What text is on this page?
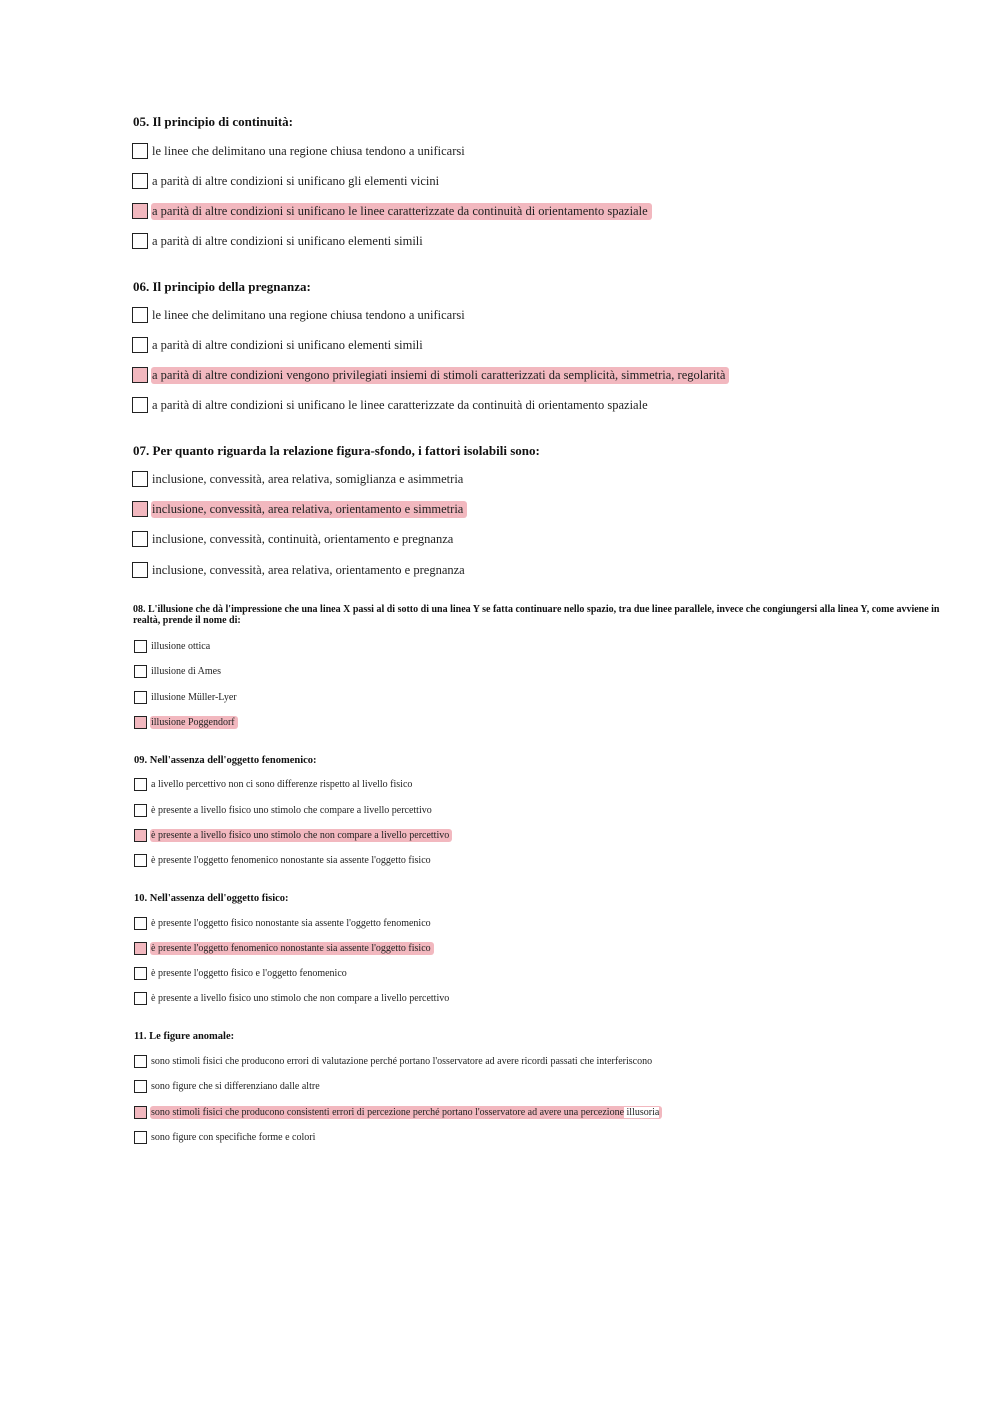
05. Il principio di continuità:
le linee che delimitano una regione chiusa tendono a unificarsi
a parità di altre condizioni si unificano gli elementi vicini
a parità di altre condizioni si unificano le linee caratterizzate da continuità di orientamento spaziale
a parità di altre condizioni si unificano elementi simili
06. Il principio della pregnanza:
le linee che delimitano una regione chiusa tendono a unificarsi
a parità di altre condizioni si unificano elementi simili
a parità di altre condizioni vengono privilegiati insiemi di stimoli caratterizzati da semplicità, simmetria, regolarità
a parità di altre condizioni si unificano le linee caratterizzate da continuità di orientamento spaziale
07. Per quanto riguarda la relazione figura-sfondo, i fattori isolabili sono:
inclusione, convessità, area relativa, somiglianza e asimmetria
inclusione, convessità, area relativa, orientamento e simmetria
inclusione, convessità, continuità, orientamento e pregnanza
inclusione, convessità, area relativa, orientamento e pregnanza
08. L'illusione che dà l'impressione che una linea X passi al di sotto di una linea Y se fatta continuare nello spazio, tra due linee parallele, invece che congiungersi alla linea Y, come avviene in realtà, prende il nome di:
illusione ottica
illusione di Ames
illusione Müller-Lyer
illusione Poggendorf
09. Nell'assenza dell'oggetto fenomenico:
a livello percettivo non ci sono differenze rispetto al livello fisico
è presente a livello fisico uno stimolo che compare a livello percettivo
è presente a livello fisico uno stimolo che non compare a livello percettivo
è presente l'oggetto fenomenico nonostante sia assente l'oggetto fisico
10. Nell'assenza dell'oggetto fisico:
è presente l'oggetto fisico nonostante sia assente l'oggetto fenomenico
è presente l'oggetto fenomenico nonostante sia assente l'oggetto fisico
è presente l'oggetto fisico e l'oggetto fenomenico
è presente a livello fisico uno stimolo che non compare a livello percettivo
11. Le figure anomale:
sono stimoli fisici che producono errori di valutazione perché portano l'osservatore ad avere ricordi passati che interferiscono
sono figure che si differenziano dalle altre
sono stimoli fisici che producono consistenti errori di percezione perché portano l'osservatore ad avere una percezione illusoria
sono figure con specifiche forme e colori
